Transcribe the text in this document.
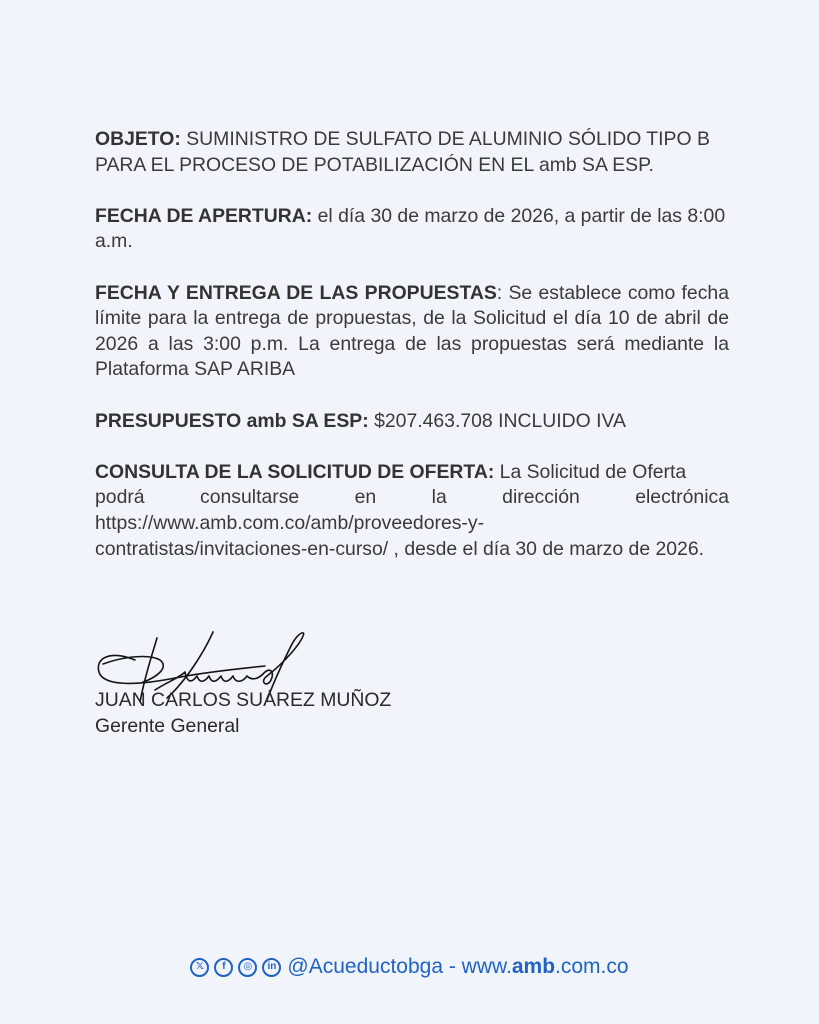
OBJETO: SUMINISTRO DE SULFATO DE ALUMINIO SÓLIDO TIPO B PARA EL PROCESO DE POTABILIZACIÓN EN EL amb SA ESP.

FECHA DE APERTURA: el día 30 de marzo de 2026, a partir de las 8:00 a.m.

FECHA Y ENTREGA DE LAS PROPUESTAS: Se establece como fecha límite para la entrega de propuestas, de la Solicitud el día 10 de abril de 2026 a las 3:00 p.m. La entrega de las propuestas será mediante la Plataforma SAP ARIBA

PRESUPUESTO amb SA ESP: $207.463.708 INCLUIDO IVA

CONSULTA DE LA SOLICITUD DE OFERTA: La Solicitud de Oferta
podrá consultarse en la dirección electrónica
https://www.amb.com.co/amb/proveedores-y-
contratistas/invitaciones-en-curso/ , desde el día 30 de marzo de 2026.

JUAN CARLOS SUÁREZ MUÑOZ
Gerente General
𝕏	f	◎	in @Acueductobga - www.amb.com.co
